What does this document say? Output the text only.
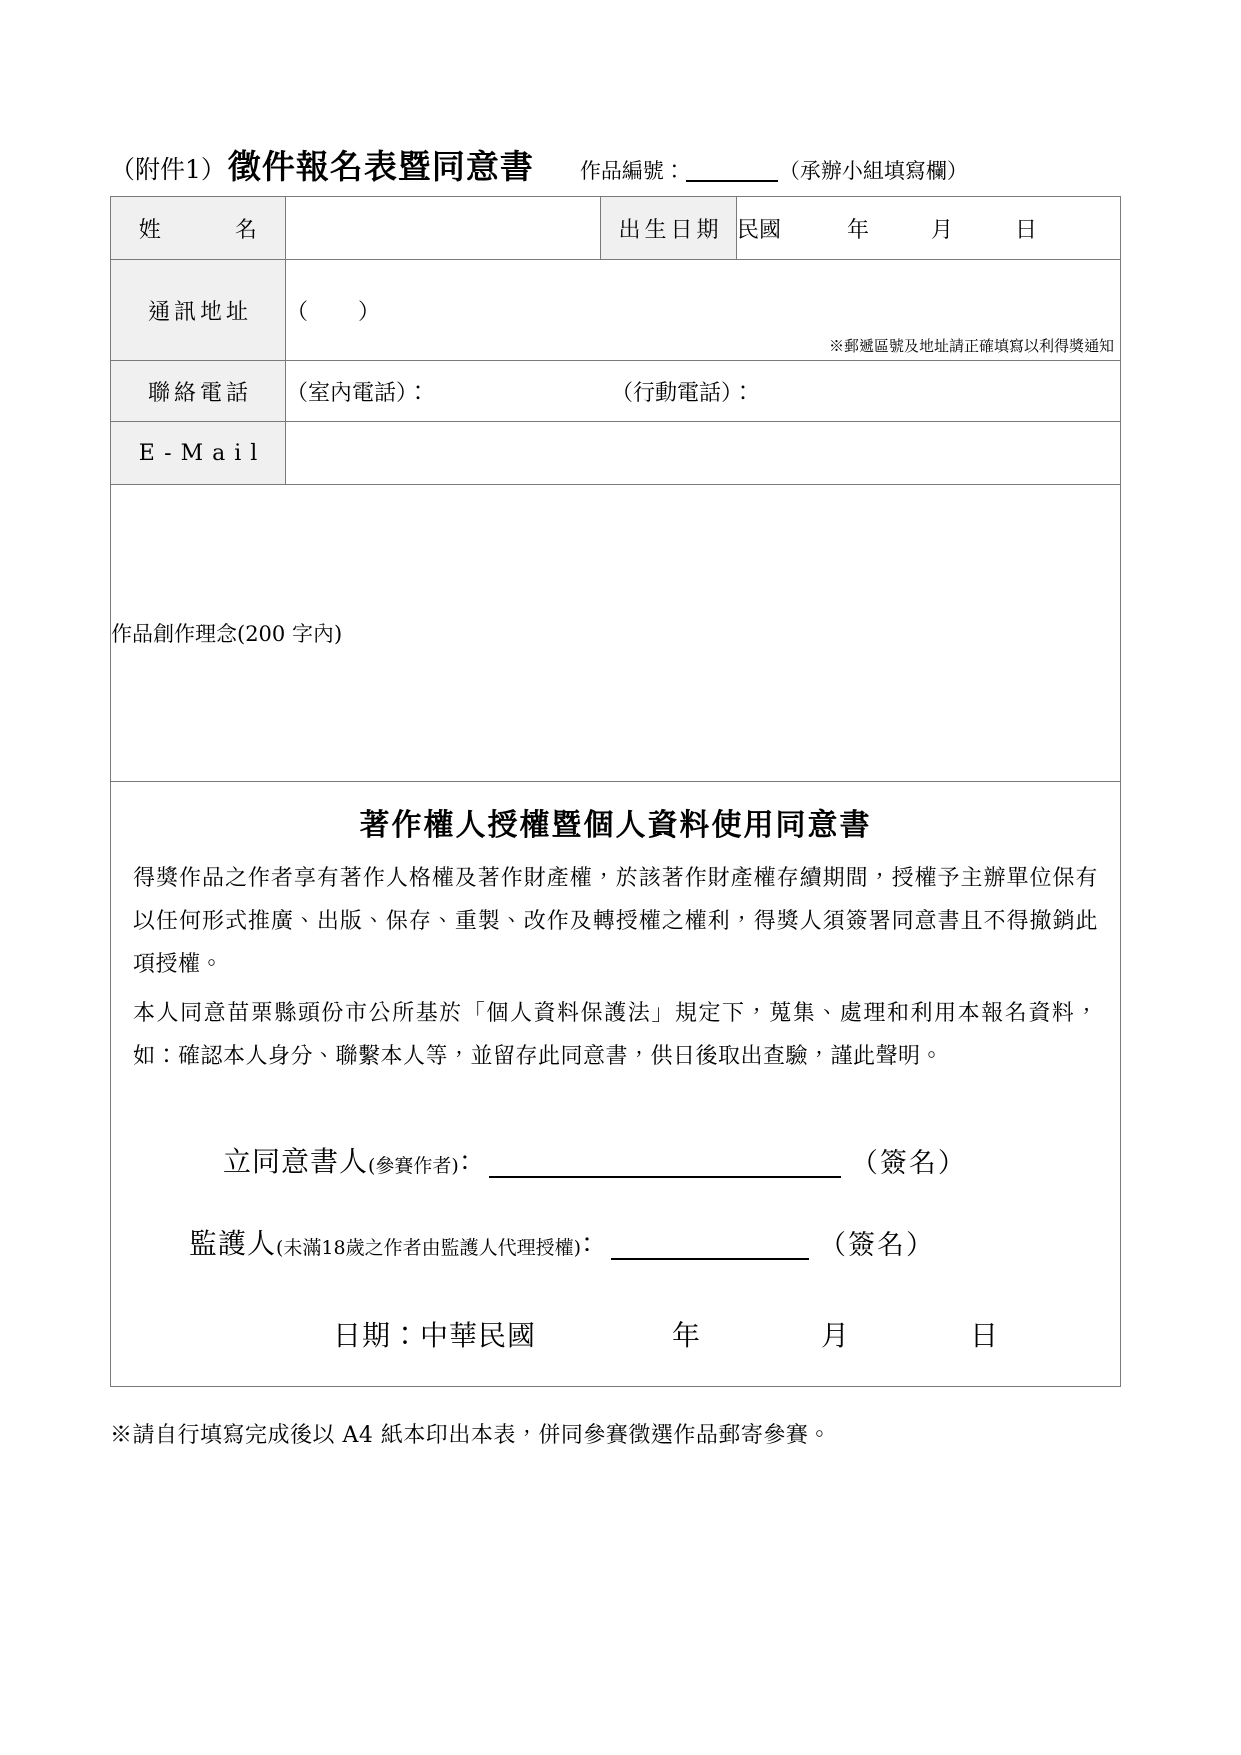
（附件1） 徵件報名表暨同意書 作品編號：	（承辦小組填寫欄）
姓　　名		出生日期	民國 年 月 日
通訊地址	（　　）
※郵遞區號及地址請正確填寫以利得獎通知		

聯絡電話	（室內電話）： （行動電話）：		
E-Mail			
作品創作理念(200 字內)			

著作權人授權暨個人資料使用同意書

得獎作品之作者享有著作人格權及著作財產權，於該著作財產權存續期間，授權予主辦單位保有以任何形式推廣、出版、保存、重製、改作及轉授權之權利，得獎人須簽署同意書且不得撤銷此項授權。

本人同意苗栗縣頭份市公所基於「個人資料保護法」規定下，蒐集、處理和利用本報名資料，如：確認本人身分、聯繫本人等，並留存此同意書，供日後取出查驗，謹此聲明。

立同意書人 (參賽作者) ：	（簽名）
監護人 (未滿18歲之作者由監護人代理授權) ：	（簽名）
日期：中華民國	年	月	日
※請自行填寫完成後以 A4 紙本印出本表，併同參賽徵選作品郵寄參賽。
